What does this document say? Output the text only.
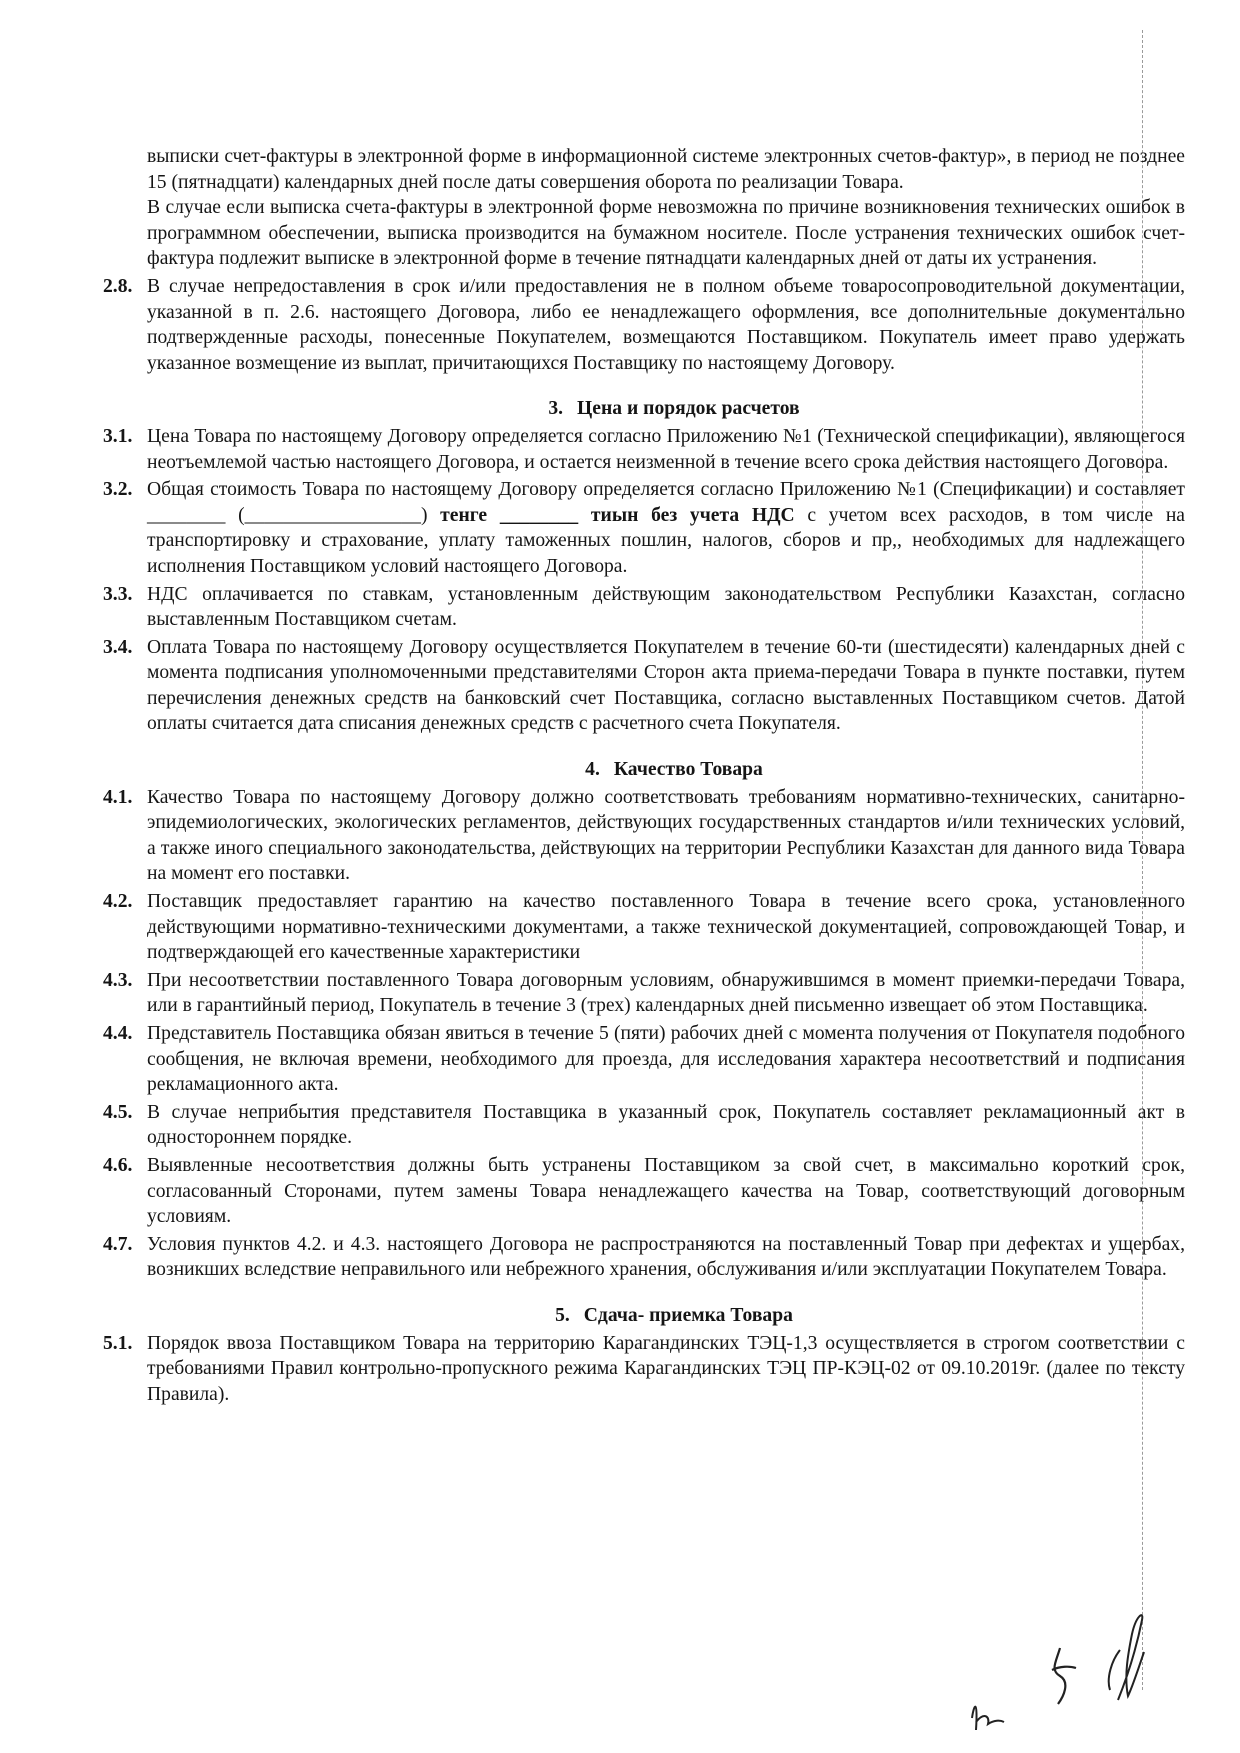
выписки счет-фактуры в электронной форме в информационной системе электронных счетов-фактур», в период не позднее 15 (пятнадцати) календарных дней после даты совершения оборота по реализации Товара.
В случае если выписка счета-фактуры в электронной форме невозможна по причине возникновения технических ошибок в программном обеспечении, выписка производится на бумажном носителе. После устранения технических ошибок счет-фактура подлежит выписке в электронной форме в течение пятнадцати календарных дней от даты их устранения.
2.8. В случае непредоставления в срок и/или предоставления не в полном объеме товаросопроводительной документации, указанной в п. 2.6. настоящего Договора, либо ее ненадлежащего оформления, все дополнительные документально подтвержденные расходы, понесенные Покупателем, возмещаются Поставщиком. Покупатель имеет право удержать указанное возмещение из выплат, причитающихся Поставщику по настоящему Договору.
3. Цена и порядок расчетов
3.1. Цена Товара по настоящему Договору определяется согласно Приложению №1 (Технической спецификации), являющегося неотъемлемой частью настоящего Договора, и остается неизменной в течение всего срока действия настоящего Договора.
3.2. Общая стоимость Товара по настоящему Договору определяется согласно Приложению №1 (Спецификации) и составляет ________ (__________________) тенге ________ тиын без учета НДС с учетом всех расходов, в том числе на транспортировку и страхование, уплату таможенных пошлин, налогов, сборов и пр,, необходимых для надлежащего исполнения Поставщиком условий настоящего Договора.
3.3. НДС оплачивается по ставкам, установленным действующим законодательством Республики Казахстан, согласно выставленным Поставщиком счетам.
3.4. Оплата Товара по настоящему Договору осуществляется Покупателем в течение 60-ти (шестидесяти) календарных дней с момента подписания уполномоченными представителями Сторон акта приема-передачи Товара в пункте поставки, путем перечисления денежных средств на банковский счет Поставщика, согласно выставленных Поставщиком счетов. Датой оплаты считается дата списания денежных средств с расчетного счета Покупателя.
4. Качество Товара
4.1. Качество Товара по настоящему Договору должно соответствовать требованиям нормативно-технических, санитарно-эпидемиологических, экологических регламентов, действующих государственных стандартов и/или технических условий, а также иного специального законодательства, действующих на территории Республики Казахстан для данного вида Товара на момент его поставки.
4.2. Поставщик предоставляет гарантию на качество поставленного Товара в течение всего срока, установленного действующими нормативно-техническими документами, а также технической документацией, сопровождающей Товар, и подтверждающей его качественные характеристики
4.3. При несоответствии поставленного Товара договорным условиям, обнаружившимся в момент приемки-передачи Товара, или в гарантийный период, Покупатель в течение 3 (трех) календарных дней письменно извещает об этом Поставщика.
4.4. Представитель Поставщика обязан явиться в течение 5 (пяти) рабочих дней с момента получения от Покупателя подобного сообщения, не включая времени, необходимого для проезда, для исследования характера несоответствий и подписания рекламационного акта.
4.5. В случае неприбытия представителя Поставщика в указанный срок, Покупатель составляет рекламационный акт в одностороннем порядке.
4.6. Выявленные несоответствия должны быть устранены Поставщиком за свой счет, в максимально короткий срок, согласованный Сторонами, путем замены Товара ненадлежащего качества на Товар, соответствующий договорным условиям.
4.7. Условия пунктов 4.2. и 4.3. настоящего Договора не распространяются на поставленный Товар при дефектах и ущербах, возникших вследствие неправильного или небрежного хранения, обслуживания и/или эксплуатации Покупателем Товара.
5. Сдача- приемка Товара
5.1. Порядок ввоза Поставщиком Товара на территорию Карагандинских ТЭЦ-1,3 осуществляется в строгом соответствии с требованиями Правил контрольно-пропускного режима Карагандинских ТЭЦ ПР-КЭЦ-02 от 09.10.2019г. (далее по тексту Правила).
